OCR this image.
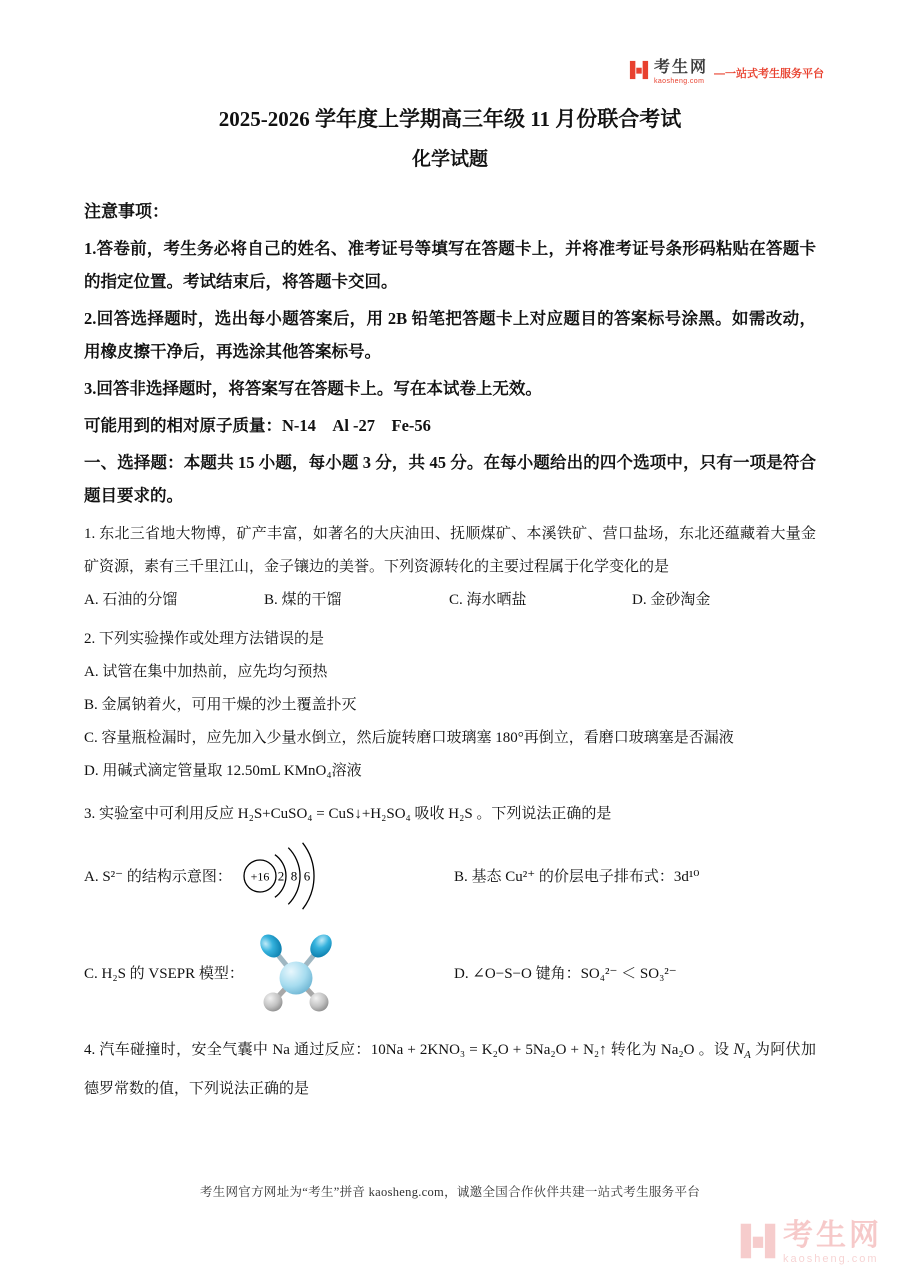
考生网
kaosheng.com
—一站式考生服务平台
2025-2026 学年度上学期高三年级 11 月份联合考试
化学试题

注意事项：

1.答卷前，考生务必将自己的姓名、准考证号等填写在答题卡上，并将准考证号条形码粘贴在答题卡的指定位置。考试结束后，将答题卡交回。

2.回答选择题时，选出每小题答案后，用 2B 铅笔把答题卡上对应题目的答案标号涂黑。如需改动，用橡皮擦干净后，再选涂其他答案标号。

3.回答非选择题时，将答案写在答题卡上。写在本试卷上无效。

可能用到的相对原子质量：N-14　Al -27　Fe-56

一、选择题：本题共 15 小题，每小题 3 分，共 45 分。在每小题给出的四个选项中，只有一项是符合题目要求的。

1. 东北三省地大物博，矿产丰富，如著名的大庆油田、抚顺煤矿、本溪铁矿、营口盐场，东北还蕴藏着大量金矿资源，素有三千里江山，金子镶边的美誉。下列资源转化的主要过程属于化学变化的是

A. 石油的分馏	B. 煤的干馏	C. 海水晒盐	D. 金砂淘金

2. 下列实验操作或处理方法错误的是

A. 试管在集中加热前，应先均匀预热

B. 金属钠着火，可用干燥的沙土覆盖扑灭

C. 容量瓶检漏时，应先加入少量水倒立，然后旋转磨口玻璃塞 180°再倒立，看磨口玻璃塞是否漏液

D. 用碱式滴定管量取 12.50mL KMnO₄溶液

3. 实验室中可利用反应 H₂S+CuSO₄ = CuS↓+H₂SO₄ 吸收 H₂S 。下列说法正确的是

A. S²⁻ 的结构示意图： +16 2 8 6	B. 基态 Cu²⁺ 的价层电子排布式：3d¹⁰
C. H₂S 的 VSEPR 模型：	D. ∠O−S−O 键角：SO₄²⁻ ＜ SO₃²⁻

4. 汽车碰撞时，安全气囊中 Na 通过反应：10Na + 2KNO₃ = K₂O + 5Na₂O + N₂↑ 转化为 Na₂O 。设 $N_A$ 为阿伏加德罗常数的值，下列说法正确的是

考生网官方网址为“考生”拼音 kaosheng.com，诚邀全国合作伙伴共建一站式考生服务平台

考生网
kaosheng.com
